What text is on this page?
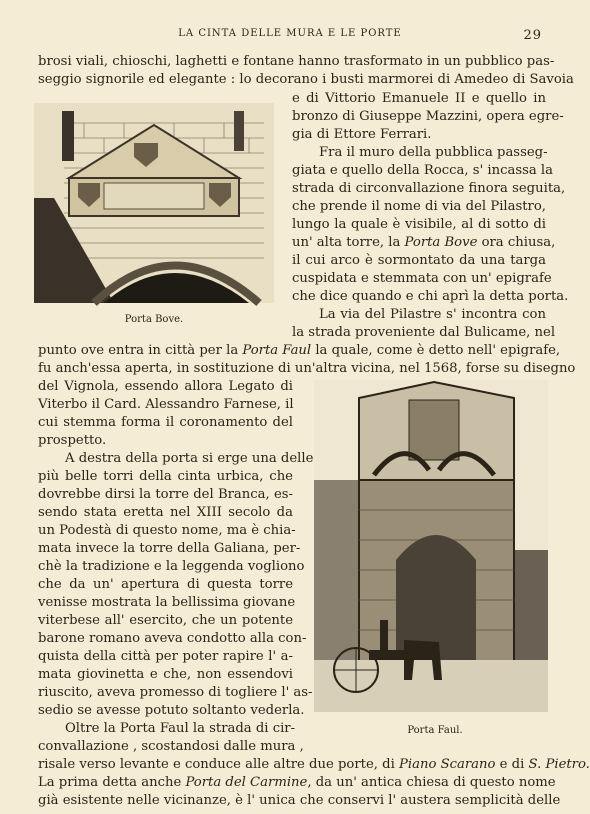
LA CINTA DELLE MURA E LE PORTE	29
Porta Bove.
Porta Faul.
brosi viali, chioschi, laghetti e fontane hanno trasformato in un pubblico pas-
seggio signorile ed elegante : lo decorano i busti marmorei di Amedeo di Savoia
e di Vittorio Emanuele II e quello in
bronzo di Giuseppe Mazzini, opera egre-
gia di Ettore Ferrari.
Fra il muro della pubblica passeg-
giata e quello della Rocca, s' incassa la
strada di circonvallazione finora seguita,
che prende il nome di via del Pilastro,
lungo la quale è visibile, al di sotto di
un' alta torre, la Porta Bove ora chiusa,
il cui arco è sormontato da una targa
cuspidata e stemmata con un' epigrafe
che dice quando e chi aprì la detta porta.
La via del Pilastre s' incontra con
la strada proveniente dal Bulicame, nel
punto ove entra in città per la Porta Faul la quale, come è detto nell' epigrafe,
fu anch'essa aperta, in sostituzione di un'altra vicina, nel 1568, forse su disegno
del Vignola, essendo allora Legato di
Viterbo il Card. Alessandro Farnese, il
cui stemma forma il coronamento del
prospetto.
A destra della porta si erge una delle
più belle torri della cinta urbica, che
dovrebbe dirsi la torre del Branca, es-
sendo stata eretta nel XIII secolo da
un Podestà di questo nome, ma è chia-
mata invece la torre della Galiana, per-
chè la tradizione e la leggenda vogliono
che da un' apertura di questa torre
venisse mostrata la bellissima giovane
viterbese all' esercito, che un potente
barone romano aveva condotto alla con-
quista della città per poter rapire l' a-
mata giovinetta e che, non essendovi
riuscito, aveva promesso di togliere l' as-
sedio se avesse potuto soltanto vederla.
Oltre la Porta Faul la strada di cir-
convallazione , scostandosi dalle mura ,
risale verso levante e conduce alle altre due porte, di Piano Scarano e di S. Pietro.
La prima detta anche Porta del Carmine, da un' antica chiesa di questo nome
già esistente nelle vicinanze, è l' unica che conservi l' austera semplicità delle
